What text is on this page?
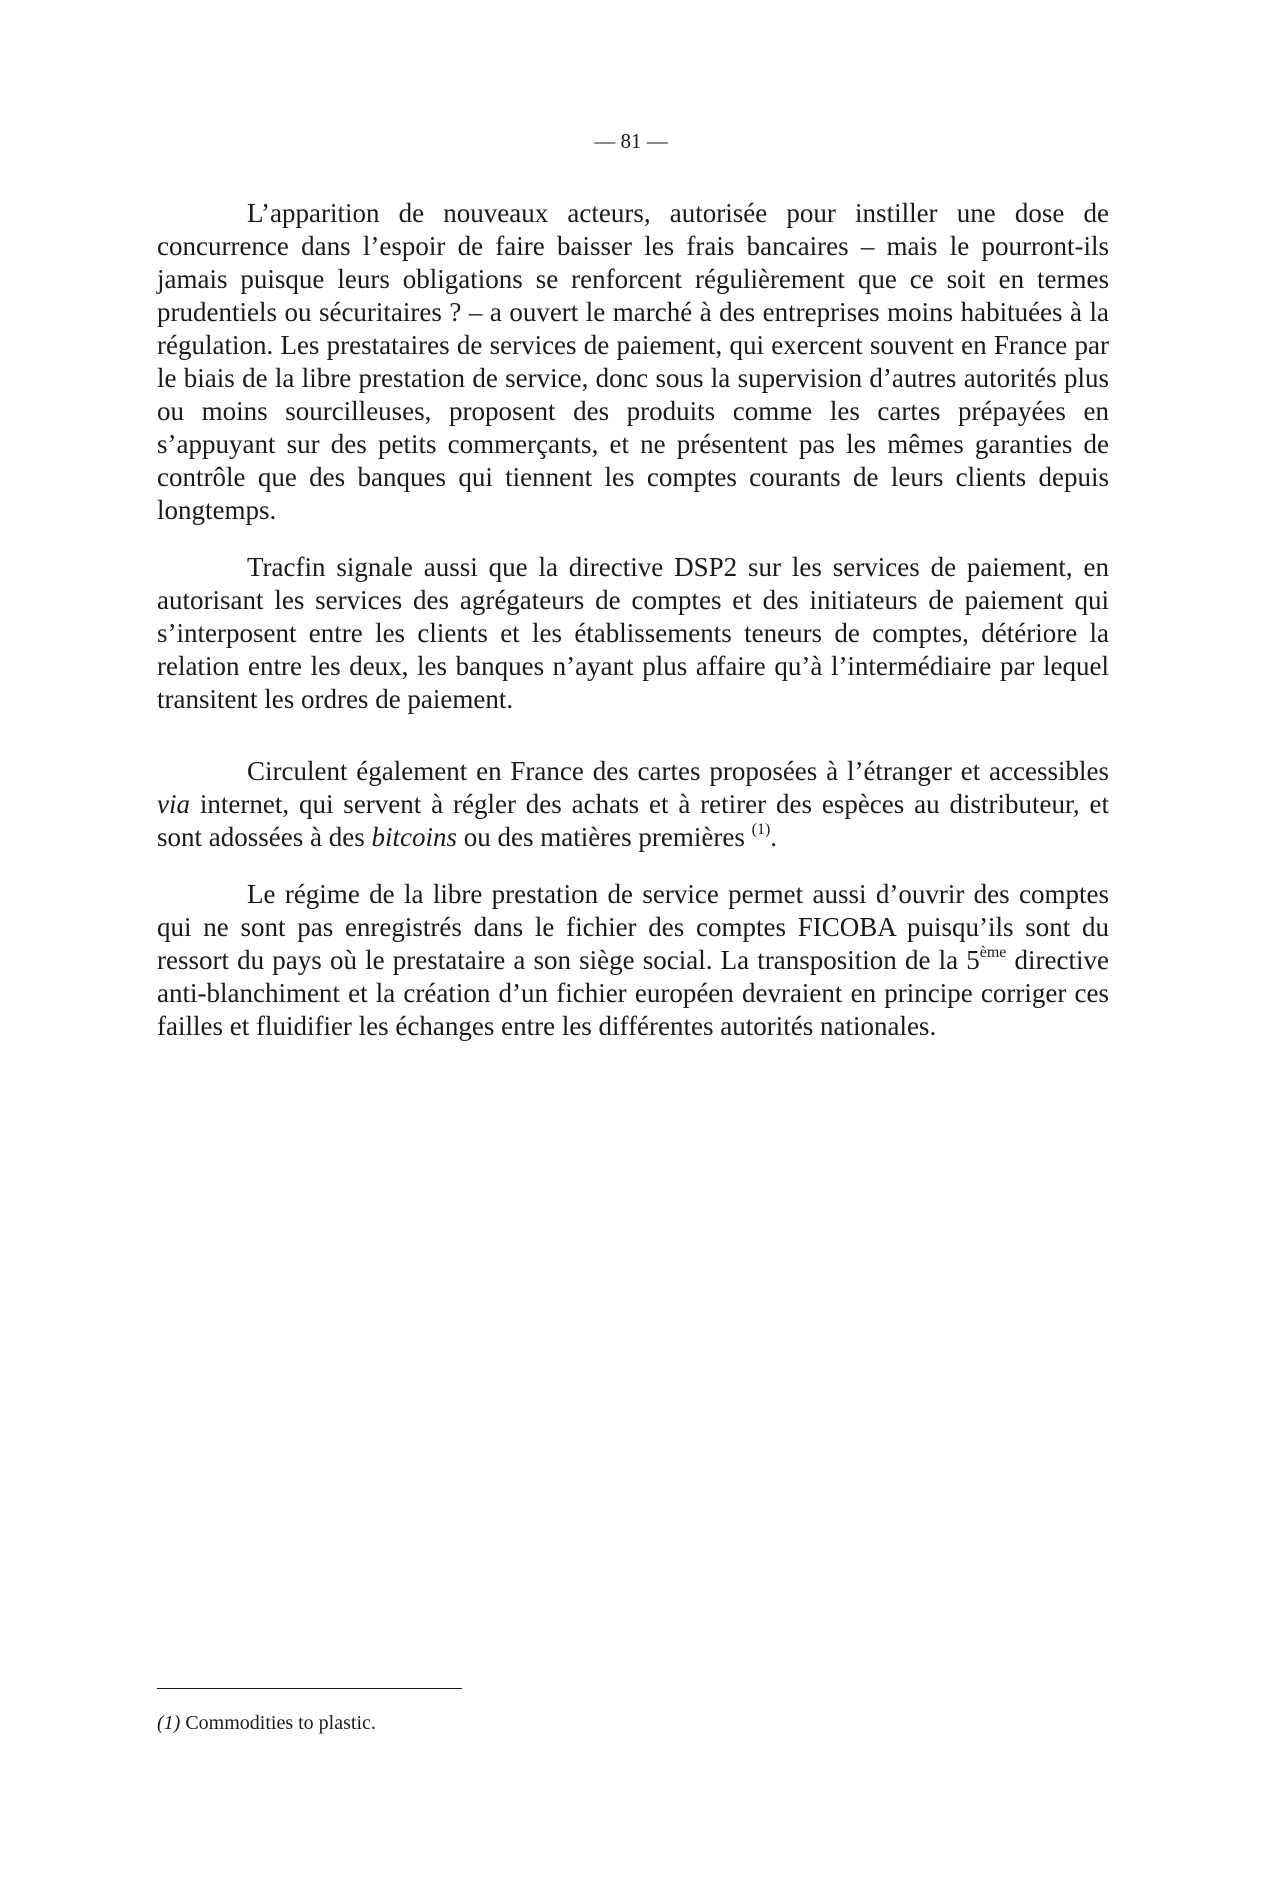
— 81 —

L’apparition de nouveaux acteurs, autorisée pour instiller une dose de concurrence dans l’espoir de faire baisser les frais bancaires – mais le pourront-ils jamais puisque leurs obligations se renforcent régulièrement que ce soit en termes prudentiels ou sécuritaires ? – a ouvert le marché à des entreprises moins habituées à la régulation. Les prestataires de services de paiement, qui exercent souvent en France par le biais de la libre prestation de service, donc sous la supervision d’autres autorités plus ou moins sourcilleuses, proposent des produits comme les cartes prépayées en s’appuyant sur des petits commerçants, et ne présentent pas les mêmes garanties de contrôle que des banques qui tiennent les comptes courants de leurs clients depuis longtemps.

Tracfin signale aussi que la directive DSP2 sur les services de paiement, en autorisant les services des agrégateurs de comptes et des initiateurs de paiement qui s’interposent entre les clients et les établissements teneurs de comptes, détériore la relation entre les deux, les banques n’ayant plus affaire qu’à l’intermédiaire par lequel transitent les ordres de paiement.

Circulent également en France des cartes proposées à l’étranger et accessibles via internet, qui servent à régler des achats et à retirer des espèces au distributeur, et sont adossées à des bitcoins ou des matières premières $^{(1)}$.

Le régime de la libre prestation de service permet aussi d’ouvrir des comptes qui ne sont pas enregistrés dans le fichier des comptes FICOBA puisqu’ils sont du ressort du pays où le prestataire a son siège social. La transposition de la 5ème directive anti-blanchiment et la création d’un fichier européen devraient en principe corriger ces failles et fluidifier les échanges entre les différentes autorités nationales.

(1) Commodities to plastic.
